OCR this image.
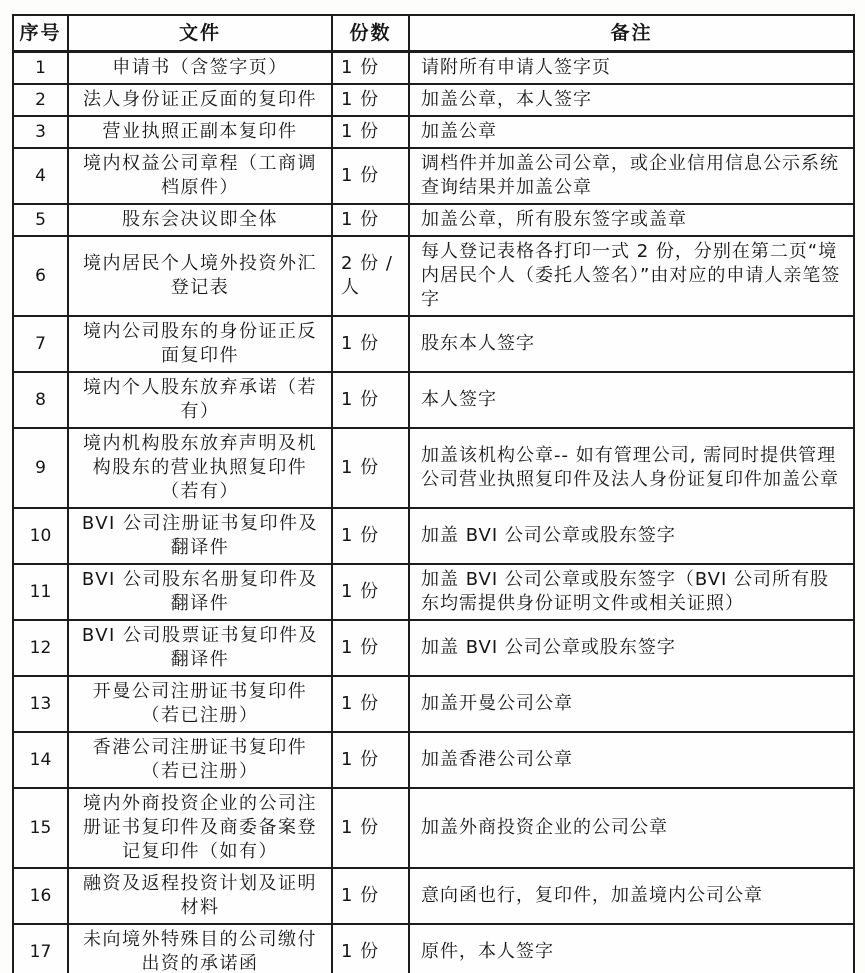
序号	文件	份数	备注
1	申请书（含签字页）	1 份	请附所有申请人签字页
2	法人身份证正反面的复印件	1 份	加盖公章，本人签字
3	营业执照正副本复印件	1 份	加盖公章
4	境内权益公司章程（工商调档原件）	1 份	调档件并加盖公司公章，或企业信用信息公示系统查询结果并加盖公章
5	股东会决议即全体	1 份	加盖公章，所有股东签字或盖章
6	境内居民个人境外投资外汇登记表	2 份 / 人	每人登记表格各打印一式 2 份，分别在第二页“境内居民个人（委托人签名）”由对应的申请人亲笔签字
7	境内公司股东的身份证正反面复印件	1 份	股东本人签字
8	境内个人股东放弃承诺（若有）	1 份	本人签字
9	境内机构股东放弃声明及机构股东的营业执照复印件（若有）	1 份	加盖该机构公章-- 如有管理公司, 需同时提供管理公司营业执照复印件及法人身份证复印件加盖公章
10	BVI 公司注册证书复印件及翻译件	1 份	加盖 BVI 公司公章或股东签字
11	BVI 公司股东名册复印件及翻译件	1 份	加盖 BVI 公司公章或股东签字（BVI 公司所有股东均需提供身份证明文件或相关证照）
12	BVI 公司股票证书复印件及翻译件	1 份	加盖 BVI 公司公章或股东签字
13	开曼公司注册证书复印件（若已注册）	1 份	加盖开曼公司公章
14	香港公司注册证书复印件（若已注册）	1 份	加盖香港公司公章
15	境内外商投资企业的公司注册证书复印件及商委备案登记复印件（如有）	1 份	加盖外商投资企业的公司公章
16	融资及返程投资计划及证明材料	1 份	意向函也行，复印件，加盖境内公司公章
17	未向境外特殊目的公司缴付出资的承诺函	1 份	原件，本人签字
